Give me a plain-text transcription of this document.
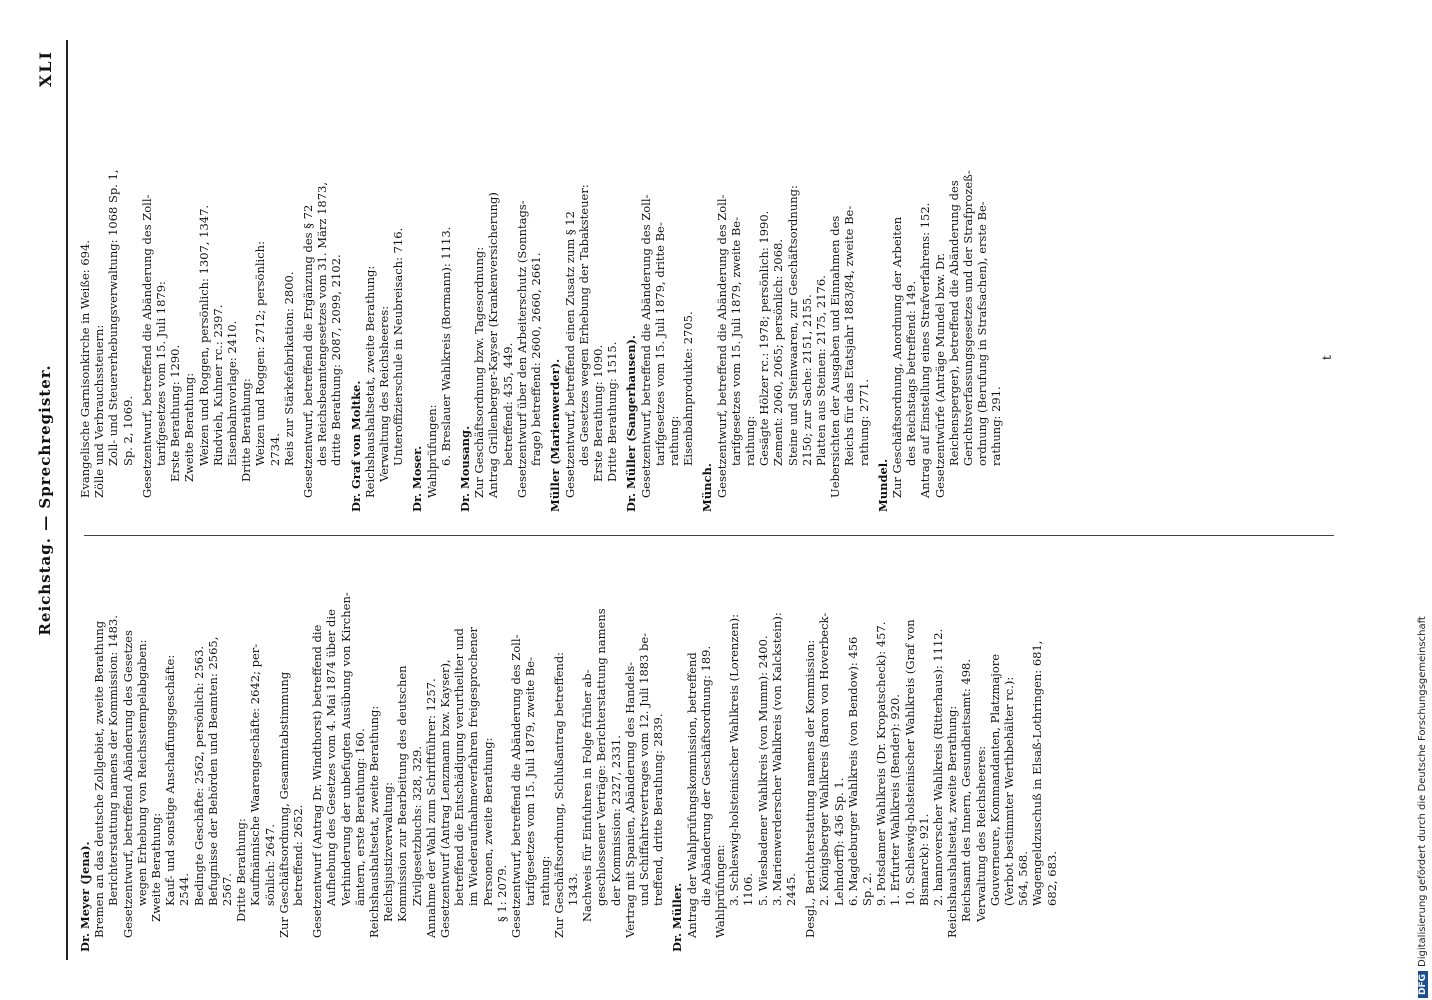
Reichstag. — Sprechregister.
XLI
Dr. Meyer (Jena). Bremen an das deutsche Zollgebiet, zweite Berathung Berichterstattung namens der Kommission: 1483. Gesetzentwurf, betreffend Abänderung des Gesetzes wegen Erhebung von Reichsstempelabgaben: Zweite Berathung: Kauf- und sonstige Anschaffungsgeschäfte: 2544. Bedingte Geschäfte: 2562, persönlich: 2563. Befugnisse der Behörden und Beamten: 2565, 2567. Dritte Berathung: Kaufmännische Waarengeschäfte: 2642; per- sönlich: 2647. Zur Geschäftsordnung, Gesammtabstimmung betreffend: 2652. Gesetzentwurf (Antrag Dr. Windthorst) betreffend die Aufhebung des Gesetzes vom 4. Mai 1874 über die Verhinderung der unbefugten Ausübung von Kirchen- ämtern, erste Berathung: 160. Reichshaushaltsetat, zweite Berathung: Reichsjustizverwaltung: Kommission zur Bearbeitung des deutschen Zivilgesetzbuchs: 328, 329. Annahme der Wahl zum Schriftführer: 1257. Gesetzentwurf (Antrag Lenzmann bzw. Kayser), betreffend die Entschädigung verurtheilter und im Wiederaufnahmeverfahren freigesprochener Personen, zweite Berathung: § 1: 2079. Gesetzentwurf, betreffend die Abänderung des Zoll- tarifgesetzes vom 15. Juli 1879, zweite Be- rathung: Zur Geschäftsordnung, Schlußantrag betreffend: 1343. Nachweis für Einfuhren in Folge früher ab- geschlossener Verträge: Berichterstattung namens der Kommission: 2327, 2331. Vertrag mit Spanien, Abänderung des Handels- und Schiffahrtsvertrages vom 12. Juli 1883 be- treffend, dritte Berathung: 2839.
Dr. Müller. Antrag der Wahlprüfungskommission, betreffend die Abänderung der Geschäftsordnung: 189. Wahlprüfungen: 3. Schleswig-holsteinischer Wahlkreis (Lorenzen): 1106. 5. Wiesbadener Wahlkreis (von Mumm): 2400. 3. Marienwerderscher Wahlkreis (von Kalckstein): 2445. Desgl., Berichterstattung namens der Kommission: 2. Königsberger Wahlkreis (Baron von Hoverbeck- Lehndorff): 436 Sp. 1. 6. Magdeburger Wahlkreis (von Bendow): 456 Sp. 2. 9. Potsdamer Wahlkreis (Dr. Kropatscheck): 457. 1. Erfurter Wahlkreis (Bender): 920. 10. Schleswig-holsteinischer Wahlkreis (Graf von Bismarck): 921. 2. hannoverscher Wahlkreis (Ritterhaus): 1112. Reichshaushaltsetat, zweite Berathung: Reichsamt des Innern, Gesundheitsamt: 498. Verwaltung des Reichsheeres: Gouverneure, Kommandanten, Platzmajore (Verbot bestimmter Werthbehälter rc.): 564, 568. Wagengeldzuschuß in Elsaß-Lothringen: 681, 682, 683.
Evangelische Garnisonkirche in Weiße: 694. Zölle und Verbrauchssteuern: Zoll- und Steuererhebungsverwaltung: 1068 Sp. 1, Sp. 2, 1069. Gesetzentwurf, betreffend die Abänderung des Zoll- tarifgesetzes vom 15. Juli 1879: Erste Berathung: 1290. Zweite Berathung: Weizen und Roggen, persönlich: 1307, 1347. Rindvieh, Kuhner rc.: 2397. Eisenbahnvorlage: 2410. Dritte Berathung: Weizen und Roggen: 2712; persönlich: 2734. Reis zur Stärkefabrikation: 2800. Gesetzentwurf, betreffend die Ergänzung des § 72 des Reichsbeamtengesetzes vom 31. März 1873, dritte Berathung: 2087, 2099, 2102. Dr. Graf von Moltke. Reichshaushaltsetat, zweite Berathung: Verwaltung des Reichsheeres: Unteroffizierschule in Neubreisach: 716.
Dr. Moser. Wahlprüfungen: 6. Breslauer Wahlkreis (Bormann): 1113.
Dr. Mousang. Zur Geschäftsordnung bzw. Tagesordnung: Antrag Grillenberger-Kayser (Krankenversicherung) betreffend: 435, 449. Gesetzentwurf über den Arbeiterschutz (Sonntags- frage) betreffend: 2600, 2660, 2661. Müller (Marienwerder). Gesetzentwurf, betreffend einen Zusatz zum § 12 des Gesetzes wegen Erhebung der Tabaksteuer: Erste Berathung: 1090. Dritte Berathung: 1515. Dr. Müller (Sangerhausen). Gesetzentwurf, betreffend die Abänderung des Zoll- tarifgesetzes vom 15. Juli 1879, dritte Be- rathung: Eisenbahnprodukte: 2705.
Münch. Gesetzentwurf, betreffend die Abänderung des Zoll- tarifgesetzes vom 15. Juli 1879, zweite Be- rathung: Gesägte Hölzer rc.: 1978; persönlich: 1990. Zement: 2060, 2065; persönlich: 2068. Steine und Steinwaaren, zur Geschäftsordnung: 2150; zur Sache: 2151, 2155. Platten aus Steinen: 2175, 2176. Uebersichten der Ausgaben und Einnahmen des Reichs für das Etatsjahr 1883/84, zweite Be- rathung: 2771.
Mundel. Zur Geschäftsordnung, Anordnung der Arbeiten des Reichstags betreffend: 149. Antrag auf Einstellung eines Strafverfahrens: 152. Gesetzentwürfe (Anträge Mundel bzw. Dr. Reichensperger), betreffend die Abänderung des Gerichtsverfassungsgesetzes und der Strafprozeß- ordnung (Berufung in Strafsachen), erste Be- rathung: 291.
t
DFGDigitalisierung gefördert durch die Deutsche Forschungsgemeinschaft
